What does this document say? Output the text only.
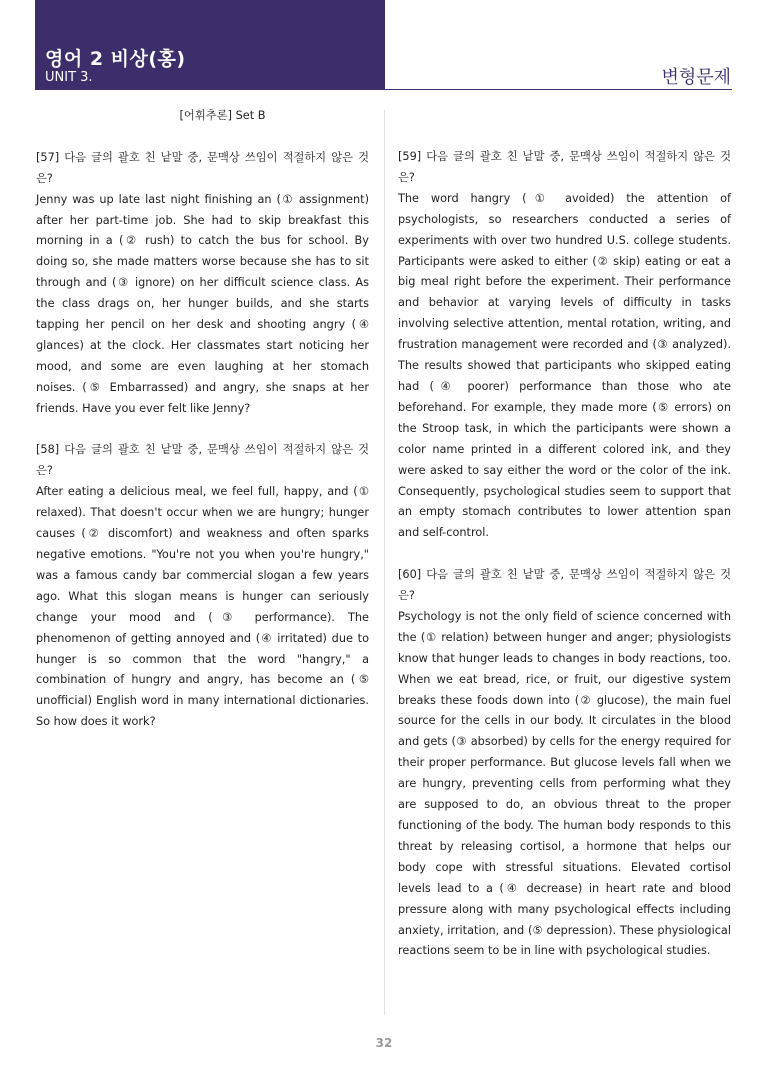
영어 2 비상(홍)
UNIT 3.	변형문제
[어휘추론] Set B

[57] 다음 글의 괄호 친 낱말 중, 문맥상 쓰임이 적절하지 않은 것은?

Jenny was up late last night finishing an (① assignment) after her part-time job. She had to skip breakfast this morning in a (② rush) to catch the bus for school. By doing so, she made matters worse because she has to sit through and (③ ignore) on her difficult science class. As the class drags on, her hunger builds, and she starts tapping her pencil on her desk and shooting angry (④ glances) at the clock. Her classmates start noticing her mood, and some are even laughing at her stomach noises. (⑤ Embarrassed) and angry, she snaps at her friends. Have you ever felt like Jenny?

[58] 다음 글의 괄호 친 낱말 중, 문맥상 쓰임이 적절하지 않은 것은?

After eating a delicious meal, we feel full, happy, and (① relaxed). That doesn't occur when we are hungry; hunger causes (② discomfort) and weakness and often sparks negative emotions. "You're not you when you're hungry," was a famous candy bar commercial slogan a few years ago. What this slogan means is hunger can seriously change your mood and (③ performance). The phenomenon of getting annoyed and (④ irritated) due to hunger is so common that the word "hangry," a combination of hungry and angry, has become an (⑤ unofficial) English word in many international dictionaries. So how does it work?

[59] 다음 글의 괄호 친 낱말 중, 문맥상 쓰임이 적절하지 않은 것은?

The word hangry (① avoided) the attention of psychologists, so researchers conducted a series of experiments with over two hundred U.S. college students. Participants were asked to either (② skip) eating or eat a big meal right before the experiment. Their performance and behavior at varying levels of difficulty in tasks involving selective attention, mental rotation, writing, and frustration management were recorded and (③ analyzed). The results showed that participants who skipped eating had (④ poorer) performance than those who ate beforehand. For example, they made more (⑤ errors) on the Stroop task, in which the participants were shown a color name printed in a different colored ink, and they were asked to say either the word or the color of the ink. Consequently, psychological studies seem to support that an empty stomach contributes to lower attention span and self-control.

[60] 다음 글의 괄호 친 낱말 중, 문맥상 쓰임이 적절하지 않은 것은?

Psychology is not the only field of science concerned with the (① relation) between hunger and anger; physiologists know that hunger leads to changes in body reactions, too. When we eat bread, rice, or fruit, our digestive system breaks these foods down into (② glucose), the main fuel source for the cells in our body. It circulates in the blood and gets (③ absorbed) by cells for the energy required for their proper performance. But glucose levels fall when we are hungry, preventing cells from performing what they are supposed to do, an obvious threat to the proper functioning of the body. The human body responds to this threat by releasing cortisol, a hormone that helps our body cope with stressful situations. Elevated cortisol levels lead to a (④ decrease) in heart rate and blood pressure along with many psychological effects including anxiety, irritation, and (⑤ depression). These physiological reactions seem to be in line with psychological studies.

32
